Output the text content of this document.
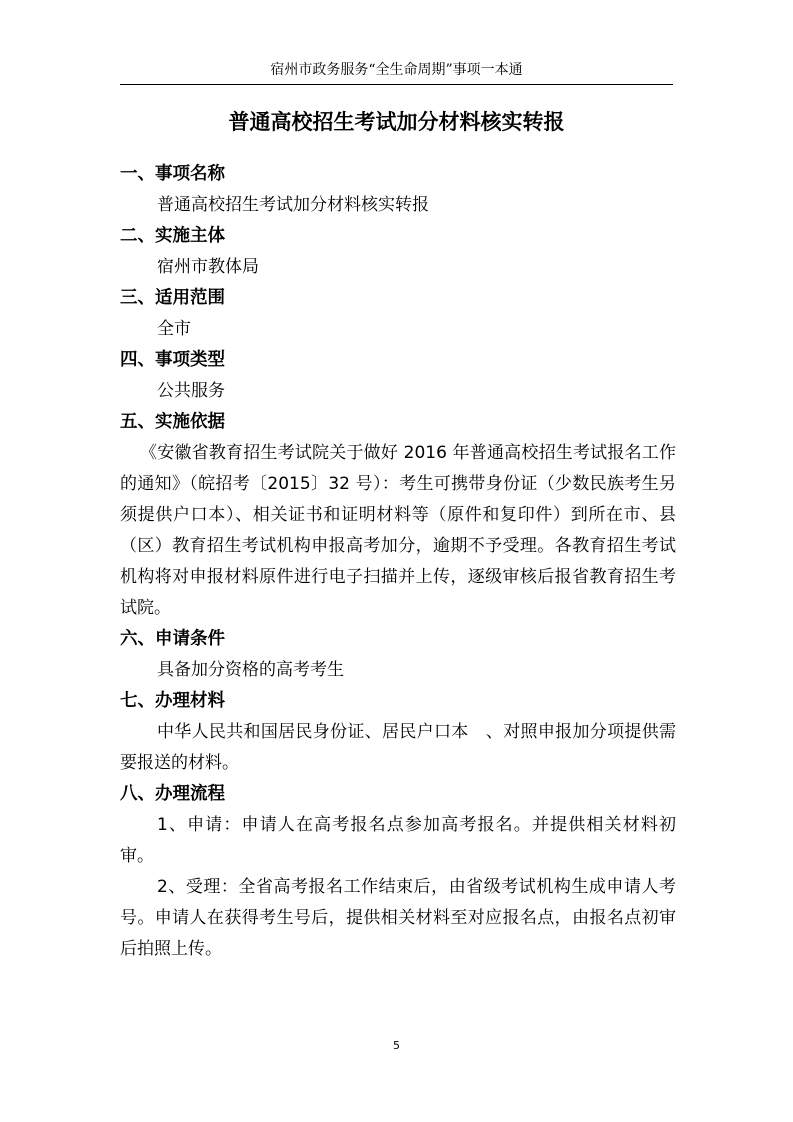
宿州市政务服务“全生命周期”事项一本通
普通高校招生考试加分材料核实转报
一、事项名称
普通高校招生考试加分材料核实转报
二、实施主体
宿州市教体局
三、适用范围
全市
四、事项类型
公共服务
五、实施依据
《安徽省教育招生考试院关于做好 2016 年普通高校招生考试报名工作的通知》（皖招考〔2015〕32 号）：考生可携带身份证（少数民族考生另须提供户口本）、相关证书和证明材料等（原件和复印件）到所在市、县（区）教育招生考试机构申报高考加分，逾期不予受理。各教育招生考试机构将对申报材料原件进行电子扫描并上传，逐级审核后报省教育招生考试院。
六、申请条件
具备加分资格的高考考生
七、办理材料
中华人民共和国居民身份证、居民户口本　、对照申报加分项提供需要报送的材料。
八、办理流程
1、申请：申请人在高考报名点参加高考报名。并提供相关材料初审。
2、受理：全省高考报名工作结束后，由省级考试机构生成申请人考号。申请人在获得考生号后，提供相关材料至对应报名点，由报名点初审后拍照上传。
5
